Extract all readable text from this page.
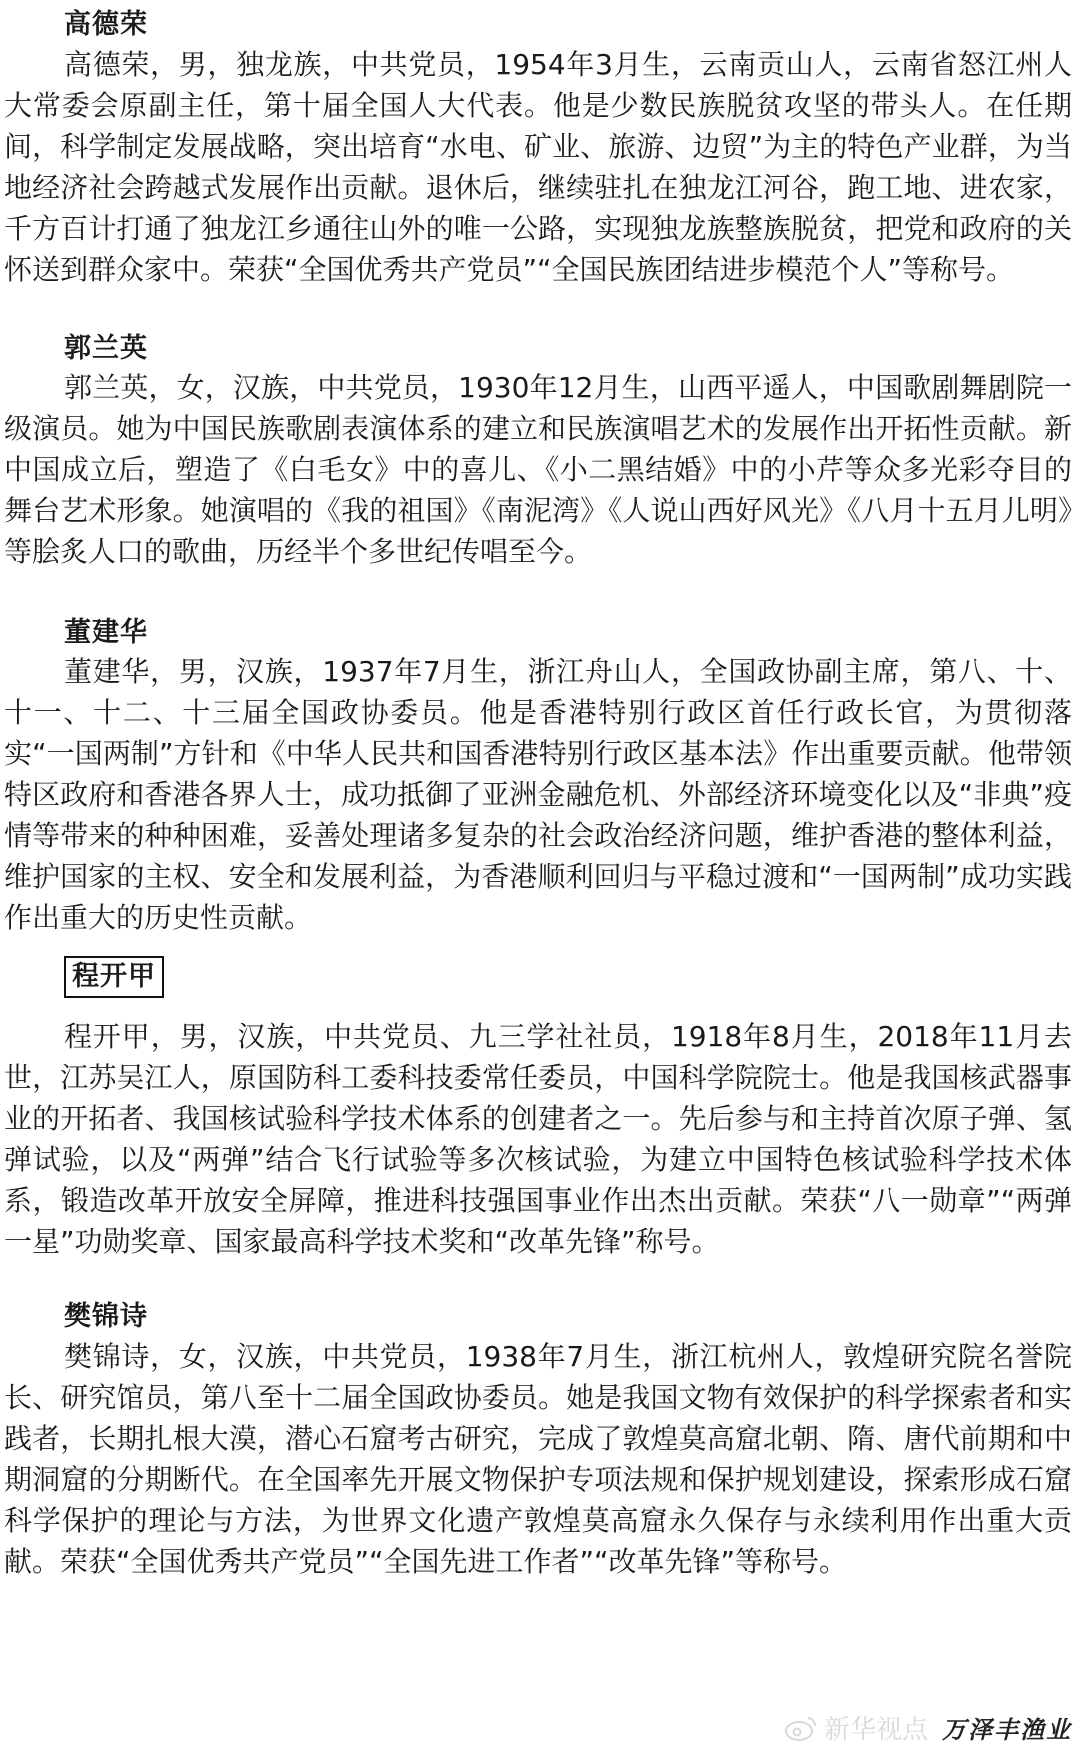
高德荣

高德荣，男，独龙族，中共党员，1954年3月生，云南贡山人，云南省怒江州人大常委会原副主任，第十届全国人大代表。他是少数民族脱贫攻坚的带头人。在任期间，科学制定发展战略，突出培育“水电、矿业、旅游、边贸”为主的特色产业群，为当地经济社会跨越式发展作出贡献。退休后，继续驻扎在独龙江河谷，跑工地、进农家，千方百计打通了独龙江乡通往山外的唯一公路，实现独龙族整族脱贫，把党和政府的关怀送到群众家中。荣获“全国优秀共产党员”“全国民族团结进步模范个人”等称号。

郭兰英

郭兰英，女，汉族，中共党员，1930年12月生，山西平遥人，中国歌剧舞剧院一级演员。她为中国民族歌剧表演体系的建立和民族演唱艺术的发展作出开拓性贡献。新中国成立后，塑造了《白毛女》中的喜儿、《小二黑结婚》中的小芹等众多光彩夺目的舞台艺术形象。她演唱的《我的祖国》《南泥湾》《人说山西好风光》《八月十五月儿明》等脍炙人口的歌曲，历经半个多世纪传唱至今。

董建华

董建华，男，汉族，1937年7月生，浙江舟山人，全国政协副主席，第八、十、十一、十二、十三届全国政协委员。他是香港特别行政区首任行政长官，为贯彻落实“一国两制”方针和《中华人民共和国香港特别行政区基本法》作出重要贡献。他带领特区政府和香港各界人士，成功抵御了亚洲金融危机、外部经济环境变化以及“非典”疫情等带来的种种困难，妥善处理诸多复杂的社会政治经济问题，维护香港的整体利益，维护国家的主权、安全和发展利益，为香港顺利回归与平稳过渡和“一国两制”成功实践作出重大的历史性贡献。

程开甲

程开甲，男，汉族，中共党员、九三学社社员，1918年8月生，2018年11月去世，江苏吴江人，原国防科工委科技委常任委员，中国科学院院士。他是我国核武器事业的开拓者、我国核试验科学技术体系的创建者之一。先后参与和主持首次原子弹、氢弹试验，以及“两弹”结合飞行试验等多次核试验，为建立中国特色核试验科学技术体系，锻造改革开放安全屏障，推进科技强国事业作出杰出贡献。荣获“八一勋章”“两弹一星”功勋奖章、国家最高科学技术奖和“改革先锋”称号。

樊锦诗

樊锦诗，女，汉族，中共党员，1938年7月生，浙江杭州人，敦煌研究院名誉院长、研究馆员，第八至十二届全国政协委员。她是我国文物有效保护的科学探索者和实践者，长期扎根大漠，潜心石窟考古研究，完成了敦煌莫高窟北朝、隋、唐代前期和中期洞窟的分期断代。在全国率先开展文物保护专项法规和保护规划建设，探索形成石窟科学保护的理论与方法，为世界文化遗产敦煌莫高窟永久保存与永续利用作出重大贡献。荣获“全国优秀共产党员”“全国先进工作者”“改革先锋”等称号。

新华视点 万泽丰渔业
